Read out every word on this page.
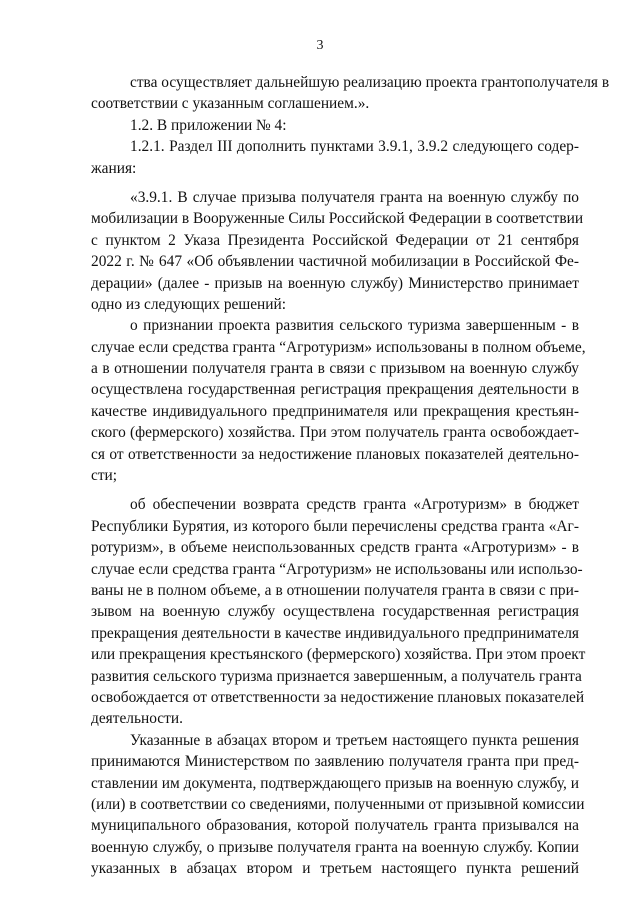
3
ства осуществляет дальнейшую реализацию проекта грантополучателя в
соответствии с указанным соглашением.».
1.2. В приложении № 4:
1.2.1. Раздел III дополнить пунктами 3.9.1, 3.9.2 следующего содер-
жания:
«3.9.1. В случае призыва получателя гранта на военную службу по
мобилизации в Вооруженные Силы Российской Федерации в соответствии
с пунктом 2 Указа Президента Российской Федерации от 21 сентября
2022 г. № 647 «Об объявлении частичной мобилизации в Российской Фе-
дерации» (далее - призыв на военную службу) Министерство принимает
одно из следующих решений:
о признании проекта развития сельского туризма завершенным - в
случае если средства гранта “Агротуризм» использованы в полном объеме,
а в отношении получателя гранта в связи с призывом на военную службу
осуществлена государственная регистрация прекращения деятельности в
качестве индивидуального предпринимателя или прекращения крестьян-
ского (фермерского) хозяйства. При этом получатель гранта освобождает-
ся от ответственности за недостижение плановых показателей деятельно-
сти;
об обеспечении возврата средств гранта «Агротуризм» в бюджет
Республики Бурятия, из которого были перечислены средства гранта «Аг-
ротуризм», в объеме неиспользованных средств гранта «Агротуризм» - в
случае если средства гранта “Агротуризм» не использованы или использо-
ваны не в полном объеме, а в отношении получателя гранта в связи с при-
зывом на военную службу осуществлена государственная регистрация
прекращения деятельности в качестве индивидуального предпринимателя
или прекращения крестьянского (фермерского) хозяйства. При этом проект
развития сельского туризма признается завершенным, а получатель гранта
освобождается от ответственности за недостижение плановых показателей
деятельности.
Указанные в абзацах втором и третьем настоящего пункта решения
принимаются Министерством по заявлению получателя гранта при пред-
ставлении им документа, подтверждающего призыв на военную службу, и
(или) в соответствии со сведениями, полученными от призывной комиссии
муниципального образования, которой получатель гранта призывался на
военную службу, о призыве получателя гранта на военную службу. Копии
указанных в абзацах втором и третьем настоящего пункта решений
